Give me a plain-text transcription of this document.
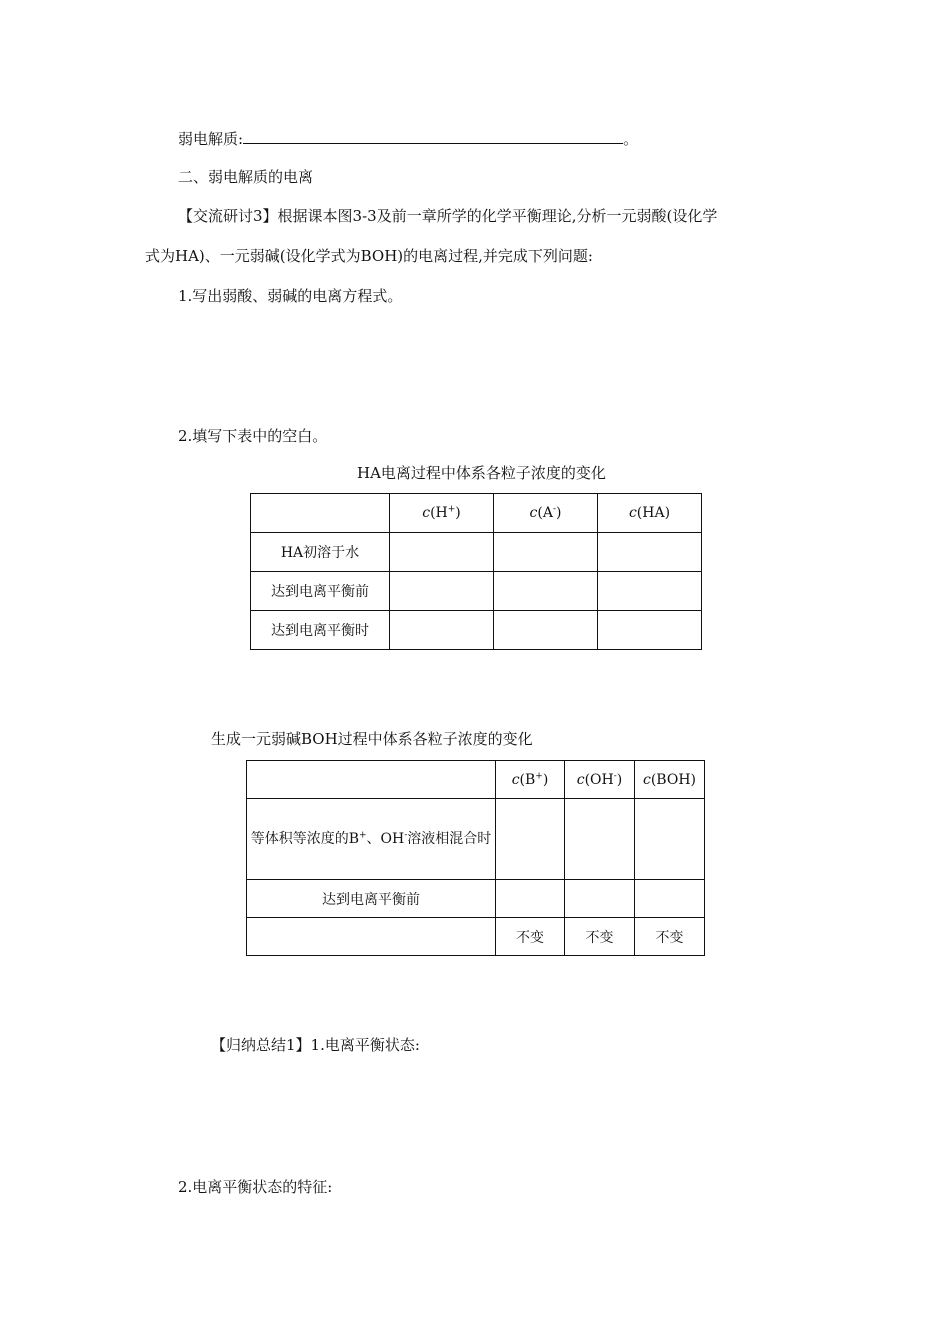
弱电解质:	。
二、弱电解质的电离
【交流研讨3】根据课本图3-3及前一章所学的化学平衡理论,分析一元弱酸(设化学
式为HA)、一元弱碱(设化学式为BOH)的电离过程,并完成下列问题:
1.写出弱酸、弱碱的电离方程式。
2.填写下表中的空白。
HA电离过程中体系各粒子浓度的变化
	c(H+)	c(A-)	c(HA)
HA初溶于水			
达到电离平衡前			
达到电离平衡时			
生成一元弱碱BOH过程中体系各粒子浓度的变化
	c(B+)	c(OH-)	c(BOH)
等体积等浓度的B+、OH-溶液相混合时			
达到电离平衡前			
	不变	不变	不变
【归纳总结1】1.电离平衡状态:
2.电离平衡状态的特征:
